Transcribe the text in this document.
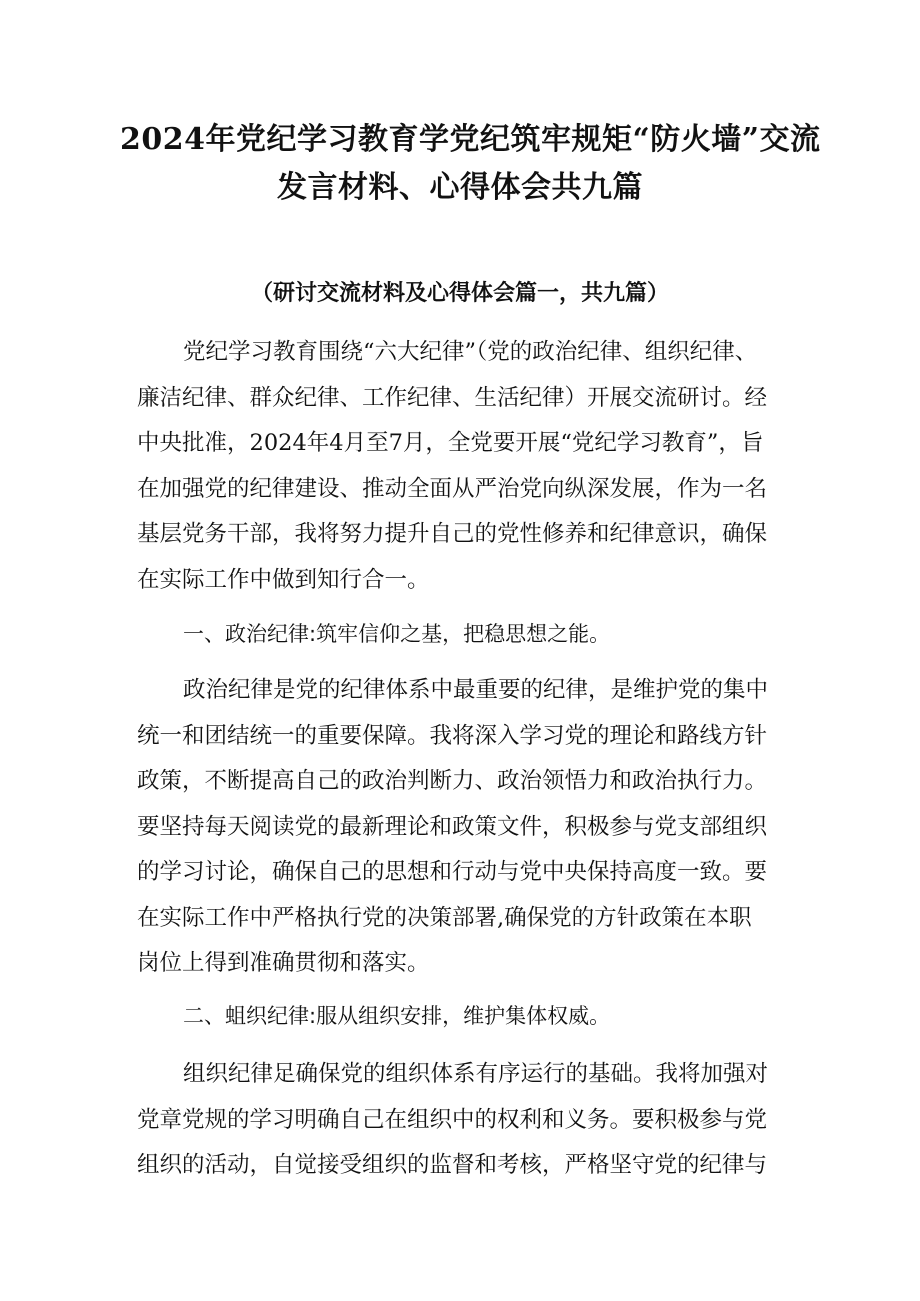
2024年党纪学习教育学党纪筑牢规矩“防火墙”交流
发言材料、心得体会共九篇
（研讨交流材料及心得体会篇一，共九篇）
党纪学习教育围绕“六大纪律”（党的政治纪律、组织纪律、
廉洁纪律、群众纪律、工作纪律、生活纪律）开展交流研讨。经
中央批准，2024年4月至7月，全党要开展“党纪学习教育”，旨
在加强党的纪律建设、推动全面从严治党向纵深发展，作为一名
基层党务干部，我将努力提升自己的党性修养和纪律意识，确保
在实际工作中做到知行合一。
一、政治纪律:筑牢信仰之基，把稳思想之能。
政治纪律是党的纪律体系中最重要的纪律，是维护党的集中
统一和团结统一的重要保障。我将深入学习党的理论和路线方针
政策，不断提高自己的政治判断力、政治领悟力和政治执行力。
要坚持每天阅读党的最新理论和政策文件，积极参与党支部组织
的学习讨论，确保自己的思想和行动与党中央保持高度一致。要
在实际工作中严格执行党的决策部署,确保党的方针政策在本职
岗位上得到准确贯彻和落实。
二、蛆织纪律:服从组织安排，维护集体权威。
组织纪律足确保党的组织体系有序运行的基础。我将加强对
党章党规的学习明确自己在组织中的权利和义务。要积极参与党
组织的活动，自觉接受组织的监督和考核，严格坚守党的纪律与
